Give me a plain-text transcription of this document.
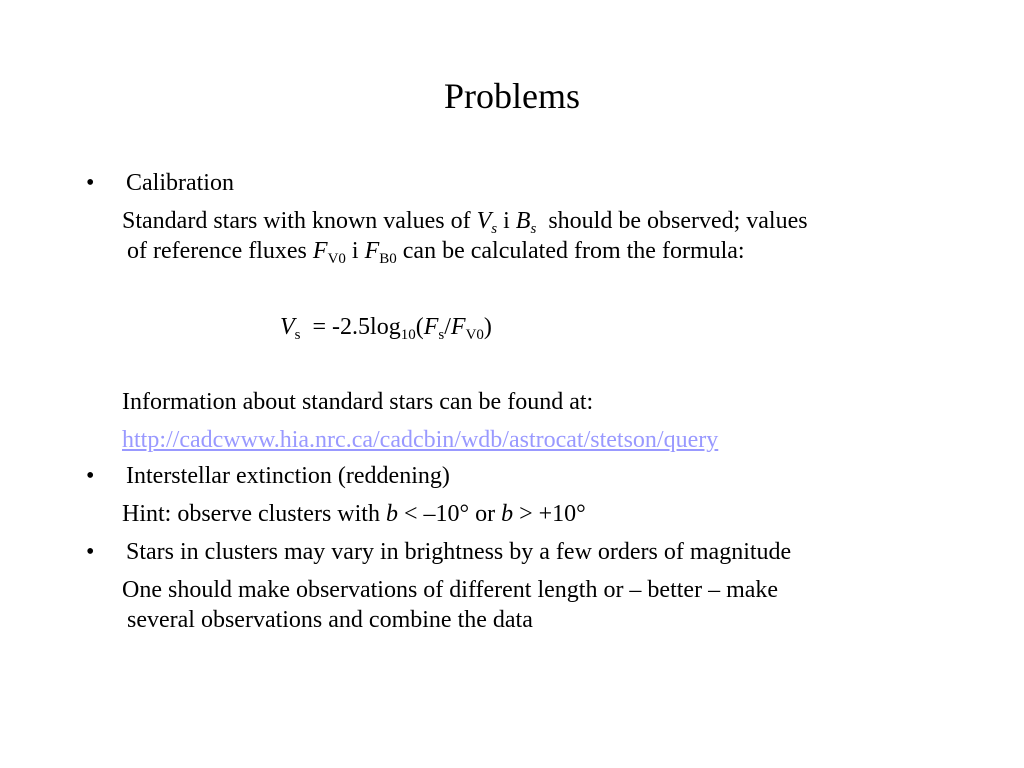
Problems
• Calibration
Standard stars with known values of $V_s$ i $B_s$  should be observed; values
of reference fluxes $F_{V0}$ i $F_{B0}$ can be calculated from the formula:
$V_s = -2.5\log_{10}(F_s/F_{V0})$
Information about standard stars can be found at:
http://cadcwww.hia.nrc.ca/cadcbin/wdb/astrocat/stetson/query
• Interstellar extinction (reddening)
Hint: observe clusters with b < –10° or b > +10°
• Stars in clusters may vary in brightness by a few orders of magnitude
One should make observations of different length or – better – make
several observations and combine the data
